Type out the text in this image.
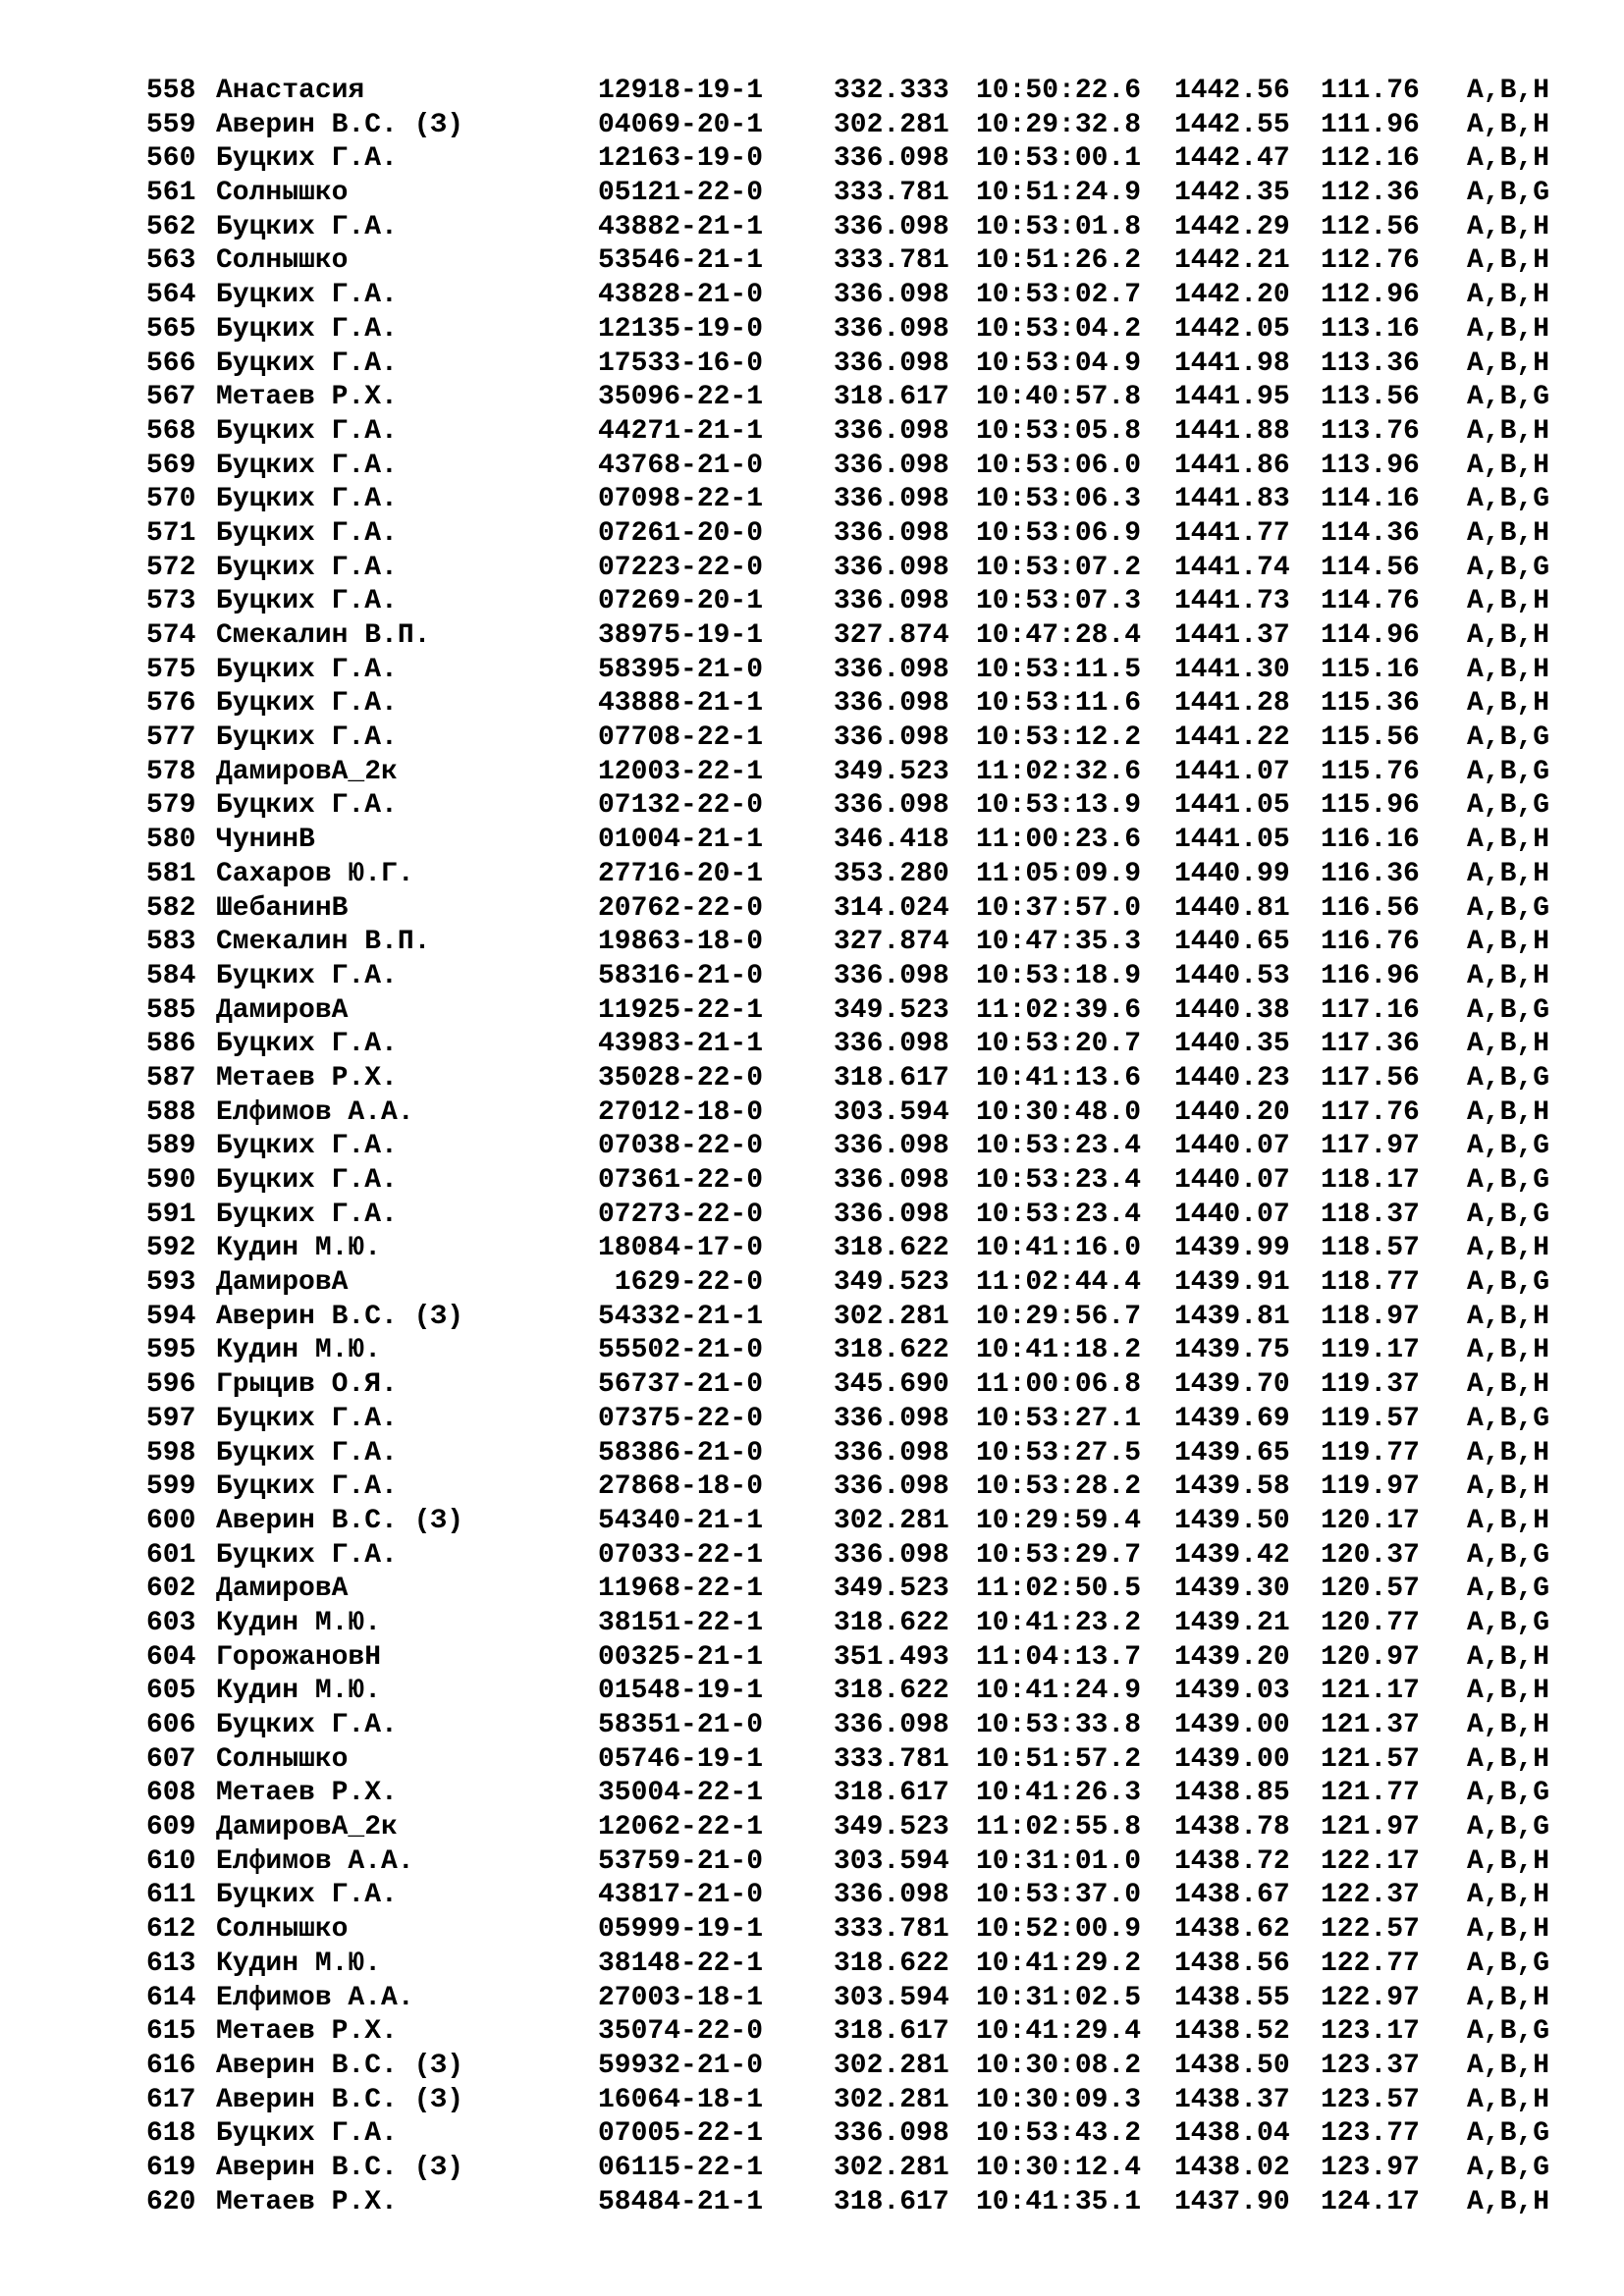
558 Анастасия	12918-19-1	332.333 10:50:22.6 1442.56 111.76 A,B,H
559 Аверин В.С. (З)	04069-20-1	302.281 10:29:32.8 1442.55 111.96 A,B,H
560 Буцких Г.А.	12163-19-0	336.098 10:53:00.1 1442.47 112.16 A,B,H
561 Солнышко	05121-22-0	333.781 10:51:24.9 1442.35 112.36 A,B,G
562 Буцких Г.А.	43882-21-1	336.098 10:53:01.8 1442.29 112.56 A,B,H
563 Солнышко	53546-21-1	333.781 10:51:26.2 1442.21 112.76 A,B,H
564 Буцких Г.А.	43828-21-0	336.098 10:53:02.7 1442.20 112.96 A,B,H
565 Буцких Г.А.	12135-19-0	336.098 10:53:04.2 1442.05 113.16 A,B,H
566 Буцких Г.А.	17533-16-0	336.098 10:53:04.9 1441.98 113.36 A,B,H
567 Метаев Р.Х.	35096-22-1	318.617 10:40:57.8 1441.95 113.56 A,B,G
568 Буцких Г.А.	44271-21-1	336.098 10:53:05.8 1441.88 113.76 A,B,H
569 Буцких Г.А.	43768-21-0	336.098 10:53:06.0 1441.86 113.96 A,B,H
570 Буцких Г.А.	07098-22-1	336.098 10:53:06.3 1441.83 114.16 A,B,G
571 Буцких Г.А.	07261-20-0	336.098 10:53:06.9 1441.77 114.36 A,B,H
572 Буцких Г.А.	07223-22-0	336.098 10:53:07.2 1441.74 114.56 A,B,G
573 Буцких Г.А.	07269-20-1	336.098 10:53:07.3 1441.73 114.76 A,B,H
574 Смекалин В.П.	38975-19-1	327.874 10:47:28.4 1441.37 114.96 A,B,H
575 Буцких Г.А.	58395-21-0	336.098 10:53:11.5 1441.30 115.16 A,B,H
576 Буцких Г.А.	43888-21-1	336.098 10:53:11.6 1441.28 115.36 A,B,H
577 Буцких Г.А.	07708-22-1	336.098 10:53:12.2 1441.22 115.56 A,B,G
578 ДамировА_2к	12003-22-1	349.523 11:02:32.6 1441.07 115.76 A,B,G
579 Буцких Г.А.	07132-22-0	336.098 10:53:13.9 1441.05 115.96 A,B,G
580 ЧунинВ	01004-21-1	346.418 11:00:23.6 1441.05 116.16 A,B,H
581 Сахаров Ю.Г.	27716-20-1	353.280 11:05:09.9 1440.99 116.36 A,B,H
582 ШебанинВ	20762-22-0	314.024 10:37:57.0 1440.81 116.56 A,B,G
583 Смекалин В.П.	19863-18-0	327.874 10:47:35.3 1440.65 116.76 A,B,H
584 Буцких Г.А.	58316-21-0	336.098 10:53:18.9 1440.53 116.96 A,B,H
585 ДамировА	11925-22-1	349.523 11:02:39.6 1440.38 117.16 A,B,G
586 Буцких Г.А.	43983-21-1	336.098 10:53:20.7 1440.35 117.36 A,B,H
587 Метаев Р.Х.	35028-22-0	318.617 10:41:13.6 1440.23 117.56 A,B,G
588 Елфимов А.А.	27012-18-0	303.594 10:30:48.0 1440.20 117.76 A,B,H
589 Буцких Г.А.	07038-22-0	336.098 10:53:23.4 1440.07 117.97 A,B,G
590 Буцких Г.А.	07361-22-0	336.098 10:53:23.4 1440.07 118.17 A,B,G
591 Буцких Г.А.	07273-22-0	336.098 10:53:23.4 1440.07 118.37 A,B,G
592 Кудин М.Ю.	18084-17-0	318.622 10:41:16.0 1439.99 118.57 A,B,H
593 ДамировА	1629-22-0	349.523 11:02:44.4 1439.91 118.77 A,B,G
594 Аверин В.С. (З)	54332-21-1	302.281 10:29:56.7 1439.81 118.97 A,B,H
595 Кудин М.Ю.	55502-21-0	318.622 10:41:18.2 1439.75 119.17 A,B,H
596 Грыцив О.Я.	56737-21-0	345.690 11:00:06.8 1439.70 119.37 A,B,H
597 Буцких Г.А.	07375-22-0	336.098 10:53:27.1 1439.69 119.57 A,B,G
598 Буцких Г.А.	58386-21-0	336.098 10:53:27.5 1439.65 119.77 A,B,H
599 Буцких Г.А.	27868-18-0	336.098 10:53:28.2 1439.58 119.97 A,B,H
600 Аверин В.С. (З)	54340-21-1	302.281 10:29:59.4 1439.50 120.17 A,B,H
601 Буцких Г.А.	07033-22-1	336.098 10:53:29.7 1439.42 120.37 A,B,G
602 ДамировА	11968-22-1	349.523 11:02:50.5 1439.30 120.57 A,B,G
603 Кудин М.Ю.	38151-22-1	318.622 10:41:23.2 1439.21 120.77 A,B,G
604 ГорожановН	00325-21-1	351.493 11:04:13.7 1439.20 120.97 A,B,H
605 Кудин М.Ю.	01548-19-1	318.622 10:41:24.9 1439.03 121.17 A,B,H
606 Буцких Г.А.	58351-21-0	336.098 10:53:33.8 1439.00 121.37 A,B,H
607 Солнышко	05746-19-1	333.781 10:51:57.2 1439.00 121.57 A,B,H
608 Метаев Р.Х.	35004-22-1	318.617 10:41:26.3 1438.85 121.77 A,B,G
609 ДамировА_2к	12062-22-1	349.523 11:02:55.8 1438.78 121.97 A,B,G
610 Елфимов А.А.	53759-21-0	303.594 10:31:01.0 1438.72 122.17 A,B,H
611 Буцких Г.А.	43817-21-0	336.098 10:53:37.0 1438.67 122.37 A,B,H
612 Солнышко	05999-19-1	333.781 10:52:00.9 1438.62 122.57 A,B,H
613 Кудин М.Ю.	38148-22-1	318.622 10:41:29.2 1438.56 122.77 A,B,G
614 Елфимов А.А.	27003-18-1	303.594 10:31:02.5 1438.55 122.97 A,B,H
615 Метаев Р.Х.	35074-22-0	318.617 10:41:29.4 1438.52 123.17 A,B,G
616 Аверин В.С. (З)	59932-21-0	302.281 10:30:08.2 1438.50 123.37 A,B,H
617 Аверин В.С. (З)	16064-18-1	302.281 10:30:09.3 1438.37 123.57 A,B,H
618 Буцких Г.А.	07005-22-1	336.098 10:53:43.2 1438.04 123.77 A,B,G
619 Аверин В.С. (З)	06115-22-1	302.281 10:30:12.4 1438.02 123.97 A,B,G
620 Метаев Р.Х.	58484-21-1	318.617 10:41:35.1 1437.90 124.17 A,B,H
